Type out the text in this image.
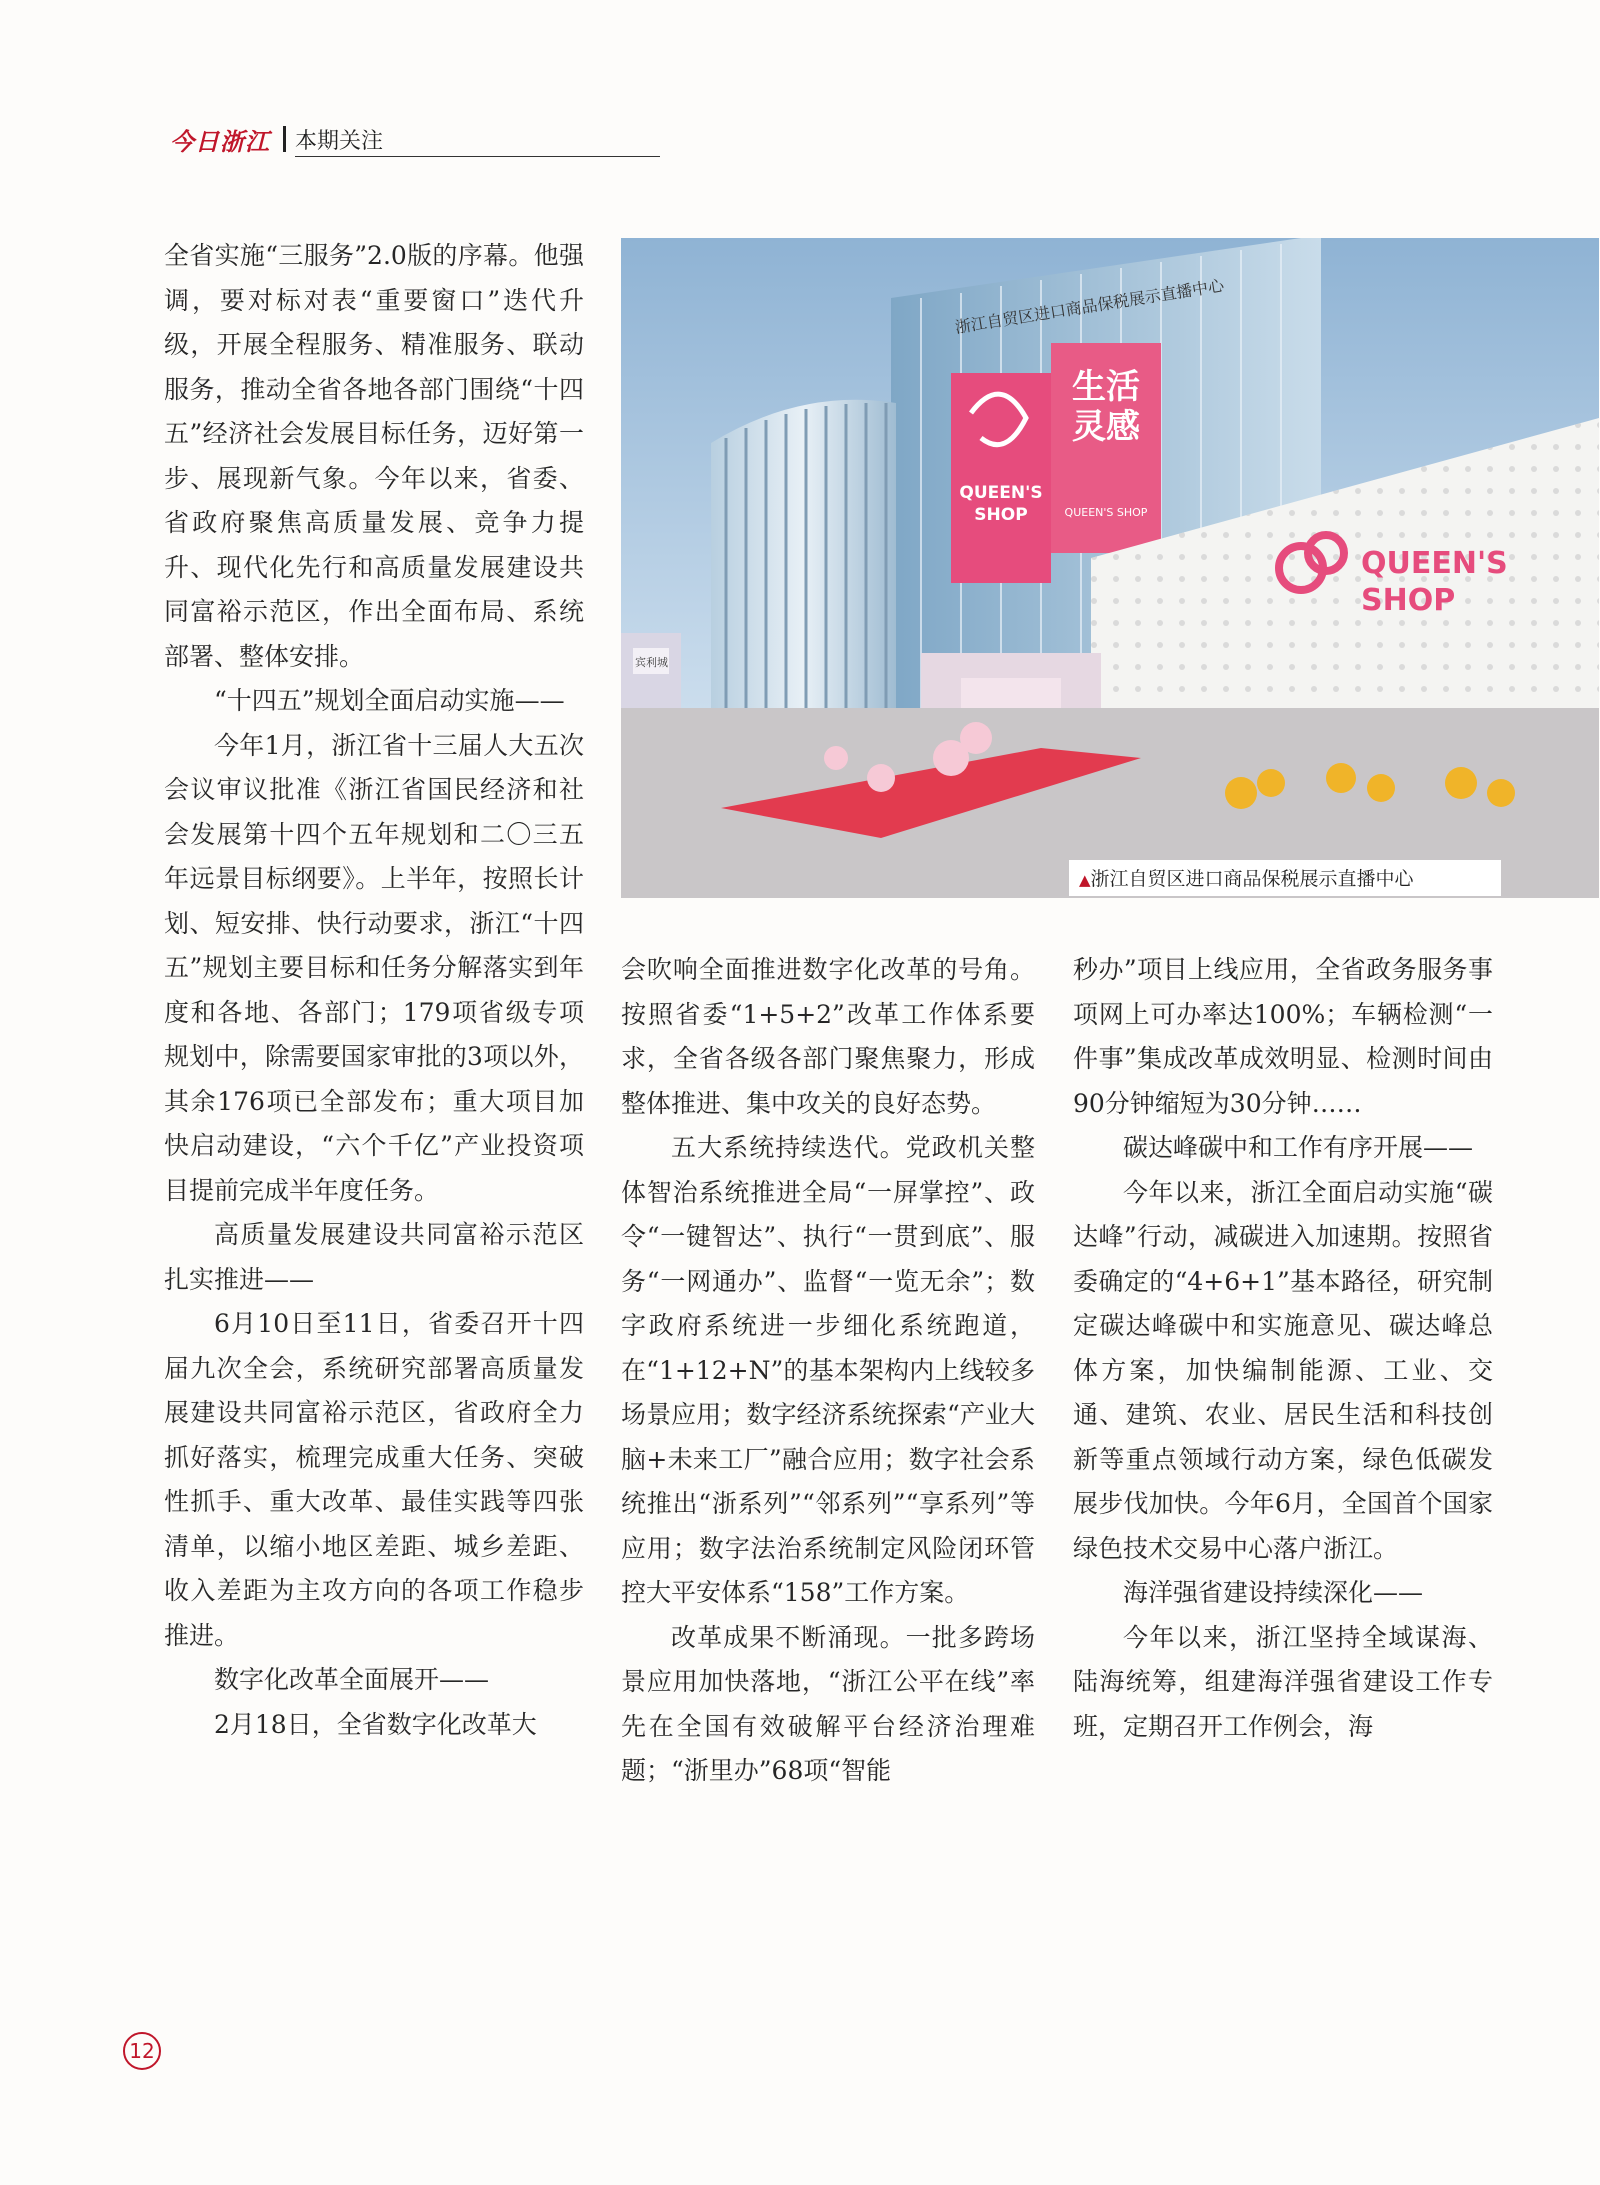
今日浙江 本期关注

全省实施“三服务”2.0版的序幕。他强调，要对标对表“重要窗口”迭代升级，开展全程服务、精准服务、联动服务，推动全省各地各部门围绕“十四五”经济社会发展目标任务，迈好第一步、展现新气象。今年以来，省委、省政府聚焦高质量发展、竞争力提升、现代化先行和高质量发展建设共同富裕示范区，作出全面布局、系统部署、整体安排。

“十四五”规划全面启动实施——

今年1月，浙江省十三届人大五次会议审议批准《浙江省国民经济和社会发展第十四个五年规划和二〇三五年远景目标纲要》。上半年，按照长计划、短安排、快行动要求，浙江“十四五”规划主要目标和任务分解落实到年度和各地、各部门；179项省级专项规划中，除需要国家审批的3项以外，其余176项已全部发布；重大项目加快启动建设，“六个千亿”产业投资项目提前完成半年度任务。

高质量发展建设共同富裕示范区扎实推进——

6月10日至11日，省委召开十四届九次全会，系统研究部署高质量发展建设共同富裕示范区，省政府全力抓好落实，梳理完成重大任务、突破性抓手、重大改革、最佳实践等四张清单，以缩小地区差距、城乡差距、收入差距为主攻方向的各项工作稳步推进。

数字化改革全面展开——

2月18日，全省数字化改革大

宾利城
浙江自贸区进口商品保税展示直播中心
QUEEN'S
SHOP
生活
灵感
QUEEN'S SHOP
QUEEN'S
SHOP
▲浙江自贸区进口商品保税展示直播中心

会吹响全面推进数字化改革的号角。按照省委“1+5+2”改革工作体系要求，全省各级各部门聚焦聚力，形成整体推进、集中攻关的良好态势。

五大系统持续迭代。党政机关整体智治系统推进全局“一屏掌控”、政令“一键智达”、执行“一贯到底”、服务“一网通办”、监督“一览无余”；数字政府系统进一步细化系统跑道，在“1+12+N”的基本架构内上线较多场景应用；数字经济系统探索“产业大脑+未来工厂”融合应用；数字社会系统推出“浙系列”“邻系列”“享系列”等应用；数字法治系统制定风险闭环管控大平安体系“158”工作方案。

改革成果不断涌现。一批多跨场景应用加快落地，“浙江公平在线”率先在全国有效破解平台经济治理难题；“浙里办”68项“智能

秒办”项目上线应用，全省政务服务事项网上可办率达100%；车辆检测“一件事”集成改革成效明显、检测时间由90分钟缩短为30分钟……

碳达峰碳中和工作有序开展——

今年以来，浙江全面启动实施“碳达峰”行动，减碳进入加速期。按照省委确定的“4+6+1”基本路径，研究制定碳达峰碳中和实施意见、碳达峰总体方案，加快编制能源、工业、交通、建筑、农业、居民生活和科技创新等重点领域行动方案，绿色低碳发展步伐加快。今年6月，全国首个国家绿色技术交易中心落户浙江。

海洋强省建设持续深化——

今年以来，浙江坚持全域谋海、陆海统筹，组建海洋强省建设工作专班，定期召开工作例会，海

12
